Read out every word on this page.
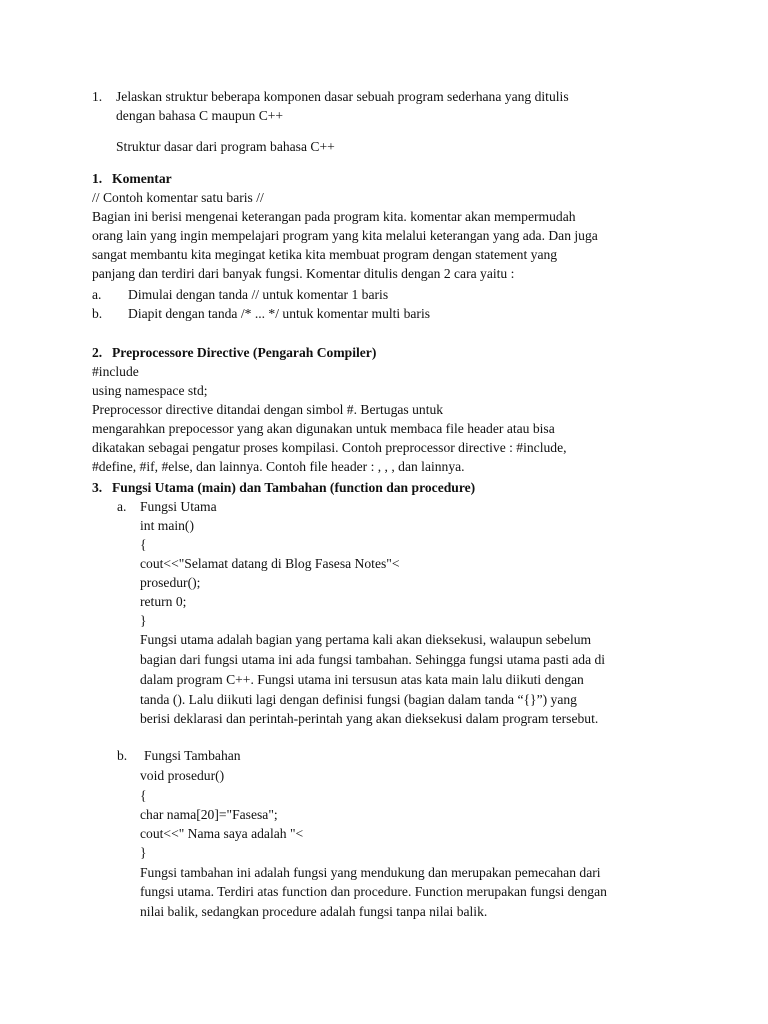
1. Jelaskan struktur beberapa komponen dasar sebuah program sederhana yang ditulis
dengan bahasa C maupun C++
Struktur dasar dari program bahasa C++
1. Komentar
// Contoh komentar satu baris //
Bagian ini berisi mengenai keterangan pada program kita. komentar akan mempermudah
orang lain yang ingin mempelajari program yang kita melalui keterangan yang ada. Dan juga
sangat membantu kita megingat ketika kita membuat program dengan statement yang
panjang dan terdiri dari banyak fungsi. Komentar ditulis dengan 2 cara yaitu :
a. Dimulai dengan tanda // untuk komentar 1 baris
b. Diapit dengan tanda /* ... */ untuk komentar multi baris
2. Preprocessore Directive (Pengarah Compiler)
#include
using namespace std;
Preprocessor directive ditandai dengan simbol #. Bertugas untuk
mengarahkan prepocessor yang akan digunakan untuk membaca file header atau bisa
dikatakan sebagai pengatur proses kompilasi. Contoh preprocessor directive : #include,
#define, #if, #else, dan lainnya. Contoh file header : , , , dan lainnya.
3. Fungsi Utama (main) dan Tambahan (function dan procedure)
a. Fungsi Utama
int main()
{
cout<<"Selamat datang di Blog Fasesa Notes"<
prosedur();
return 0;
}
Fungsi utama adalah bagian yang pertama kali akan dieksekusi, walaupun sebelum
bagian dari fungsi utama ini ada fungsi tambahan. Sehingga fungsi utama pasti ada di
dalam program C++. Fungsi utama ini tersusun atas kata main lalu diikuti dengan
tanda (). Lalu diikuti lagi dengan definisi fungsi (bagian dalam tanda “{}”) yang
berisi deklarasi dan perintah-perintah yang akan dieksekusi dalam program tersebut.
b. Fungsi Tambahan
void prosedur()
{
char nama[20]="Fasesa";
cout<<" Nama saya adalah "<
}
Fungsi tambahan ini adalah fungsi yang mendukung dan merupakan pemecahan dari
fungsi utama. Terdiri atas function dan procedure. Function merupakan fungsi dengan
nilai balik, sedangkan procedure adalah fungsi tanpa nilai balik.
